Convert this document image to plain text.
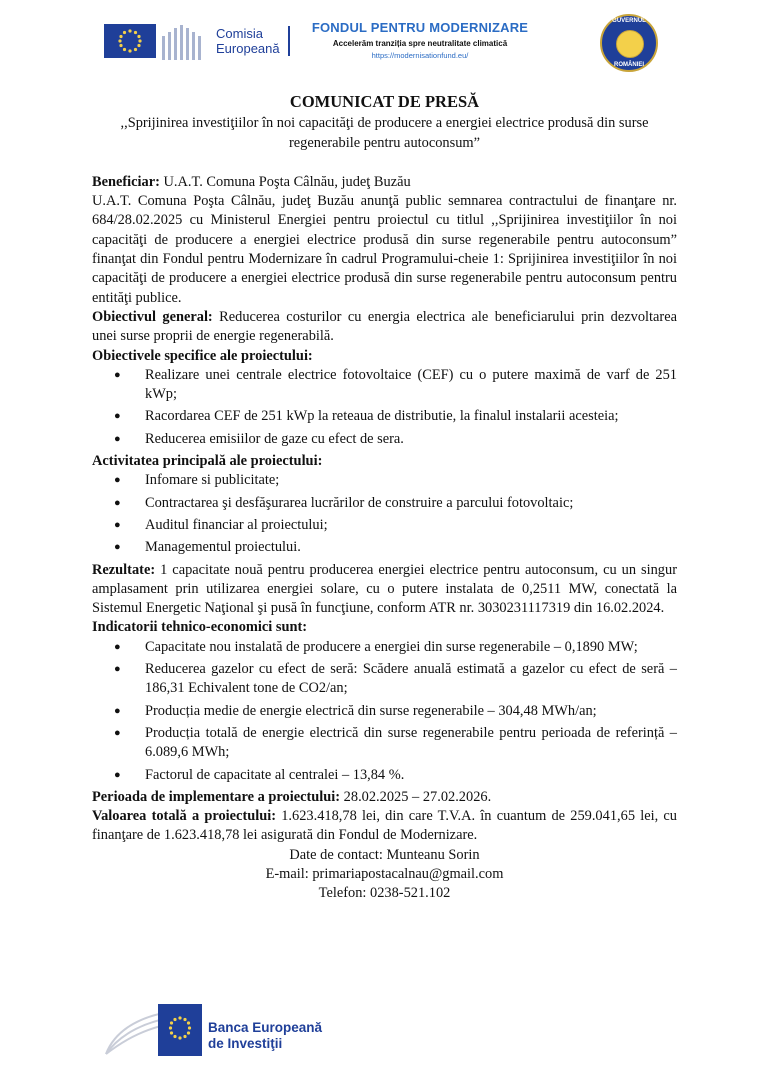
Comisia
Europeană
FONDUL PENTRU MODERNIZARE
Accelerăm tranziția spre neutralitate climatică
https://modernisationfund.eu/
GUVERNUL
ROMÂNIEI
COMUNICAT DE PRESĂ
,,Sprijinirea investiţiilor în noi capacităţi de producere a energiei electrice produsă din surse regenerabile pentru autoconsum”

Beneficiar: U.A.T. Comuna Poşta Câlnău, judeţ Buzău

U.A.T. Comuna Poşta Câlnău, judeţ Buzău anunţă public semnarea contractului de finanţare nr. 684/28.02.2025 cu Ministerul Energiei pentru proiectul cu titlul ,,Sprijinirea investiţiilor în noi capacităţi de producere a energiei electrice produsă din surse regenerabile pentru autoconsum” finanţat din Fondul pentru Modernizare în cadrul Programului-cheie 1: Sprijinirea investiţiilor în noi capacităţi de producere a energiei electrice produsă din surse regenerabile pentru autoconsum pentru entităţi publice.

Obiectivul general: Reducerea costurilor cu energia electrica ale beneficiarului prin dezvoltarea unei surse proprii de energie regenerabilă.

Obiectivele specifice ale proiectului:

● Realizare unei centrale electrice fotovoltaice (CEF) cu o putere maximă de varf de 251 kWp;
● Racordarea CEF de 251 kWp la reteaua de distributie, la finalul instalarii acesteia;
● Reducerea emisiilor de gaze cu efect de sera.

Activitatea principală ale proiectului:

● Infomare si publicitate;
● Contractarea şi desfăşurarea lucrărilor de construire a parcului fotovoltaic;
● Auditul financiar al proiectului;
● Managementul proiectului.

Rezultate: 1 capacitate nouă pentru producerea energiei electrice pentru autoconsum, cu un singur amplasament prin utilizarea energiei solare, cu o putere instalata de 0,2511 MW, conectată la Sistemul Energetic Naţional şi pusă în funcţiune, conform ATR nr. 3030231117319 din 16.02.2024.

Indicatorii tehnico-economici sunt:

● Capacitate nou instalată de producere a energiei din surse regenerabile – 0,1890 MW;
● Reducerea gazelor cu efect de seră: Scădere anuală estimată a gazelor cu efect de seră – 186,31 Echivalent tone de CO2/an;
● Producția medie de energie electrică din surse regenerabile – 304,48 MWh/an;
● Producția totală de energie electrică din surse regenerabile pentru perioada de referință – 6.089,6 MWh;
● Factorul de capacitate al centralei – 13,84 %.

Perioada de implementare a proiectului: 28.02.2025 – 27.02.2026.

Valoarea totală a proiectului: 1.623.418,78 lei, din care T.V.A. în cuantum de 259.041,65 lei, cu finanţare de 1.623.418,78 lei asigurată din Fondul de Modernizare.

Date de contact: Munteanu Sorin
E-mail: primariapostacalnau@gmail.com
Telefon: 0238-521.102
Banca Europeană
de Investiţii
